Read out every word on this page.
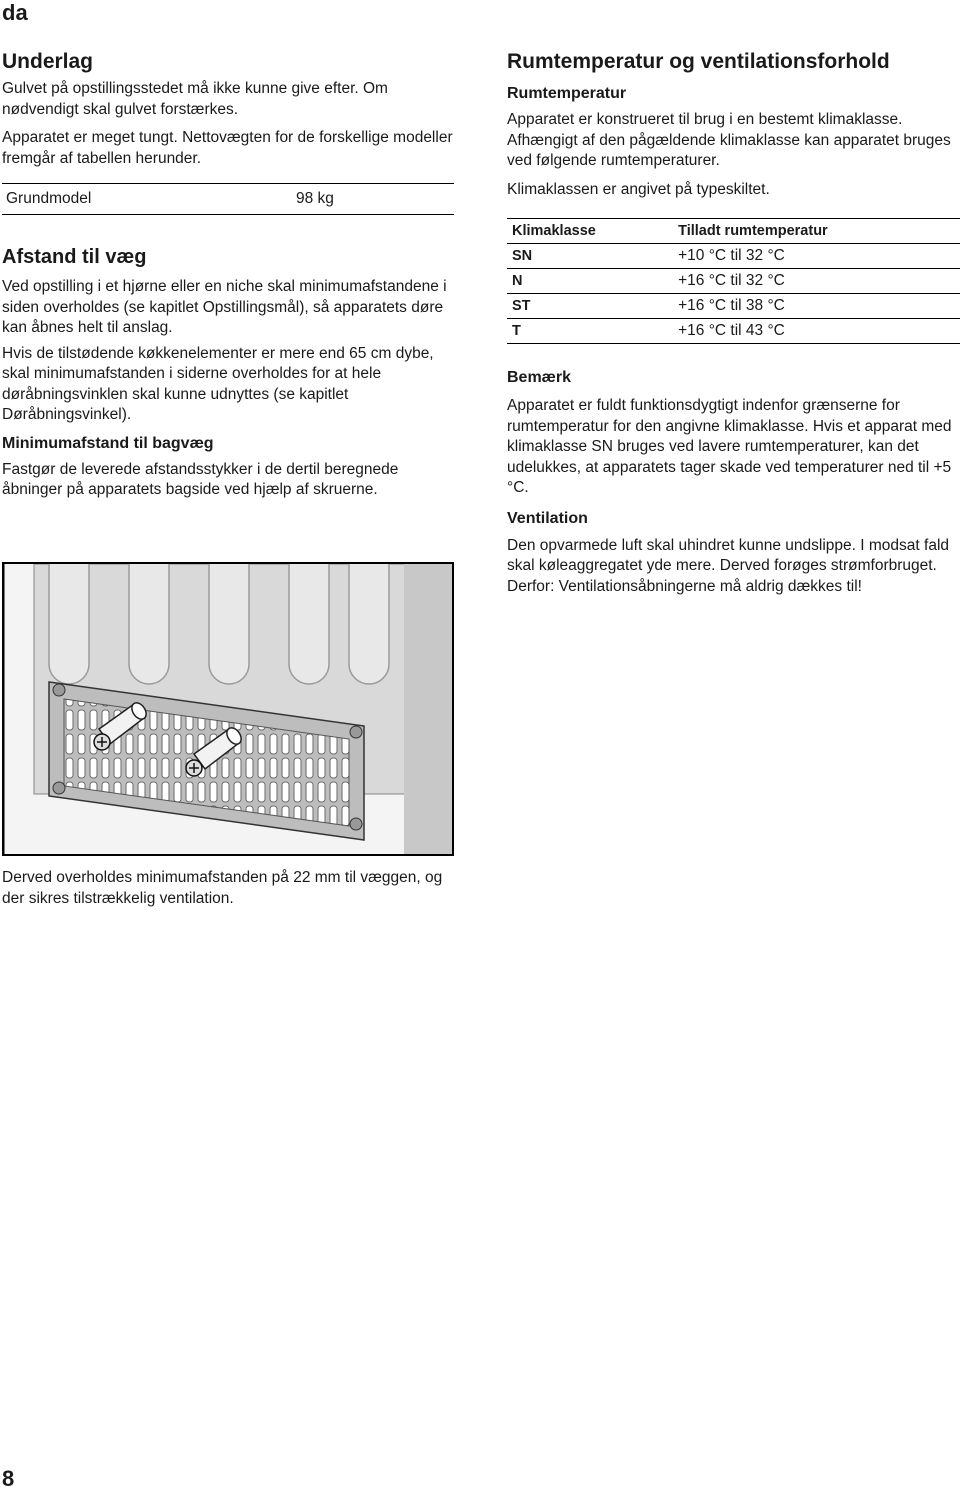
da
Underlag

Gulvet på opstillingsstedet må ikke kunne give efter. Om nødvendigt skal gulvet forstærkes.

Apparatet er meget tungt. Nettovægten for de forskellige modeller fremgår af tabellen herunder.

Grundmodel	98 kg
Afstand til væg

Ved opstilling i et hjørne eller en niche skal minimumafstandene i siden overholdes (se kapitlet Opstillingsmål), så apparatets døre kan åbnes helt til anslag.

Hvis de tilstødende køkkenelementer er mere end 65 cm dybe, skal minimumafstanden i siderne overholdes for at hele døråbningsvinklen skal kunne udnyttes (se kapitlet Døråbningsvinkel).

Minimumafstand til bagvæg

Fastgør de leverede afstandsstykker i de dertil beregnede åbninger på apparatets bagside ved hjælp af skruerne.

Derved overholdes minimumafstanden på 22 mm til væggen, og der sikres tilstrækkelig ventilation.

Rumtemperatur og ventilationsforhold
Rumtemperatur

Apparatet er konstrueret til brug i en bestemt klimaklasse. Afhængigt af den pågældende klimaklasse kan apparatet bruges ved følgende rumtemperaturer.

Klimaklassen er angivet på typeskiltet.

Klimaklasse	Tilladt rumtemperatur
SN	+10 °C til 32 °C
N	+16 °C til 32 °C
ST	+16 °C til 38 °C
T	+16 °C til 43 °C
Bemærk

Apparatet er fuldt funktionsdygtigt indenfor grænserne for rumtemperatur for den angivne klimaklasse. Hvis et apparat med klimaklasse SN bruges ved lavere rumtemperaturer, kan det udelukkes, at apparatets tager skade ved temperaturer ned til +5 °C.

Ventilation

Den opvarmede luft skal uhindret kunne undslippe. I modsat fald skal køleaggregatet yde mere. Derved forøges strømforbruget. Derfor: Ventilationsåbningerne må aldrig dækkes til!

8
